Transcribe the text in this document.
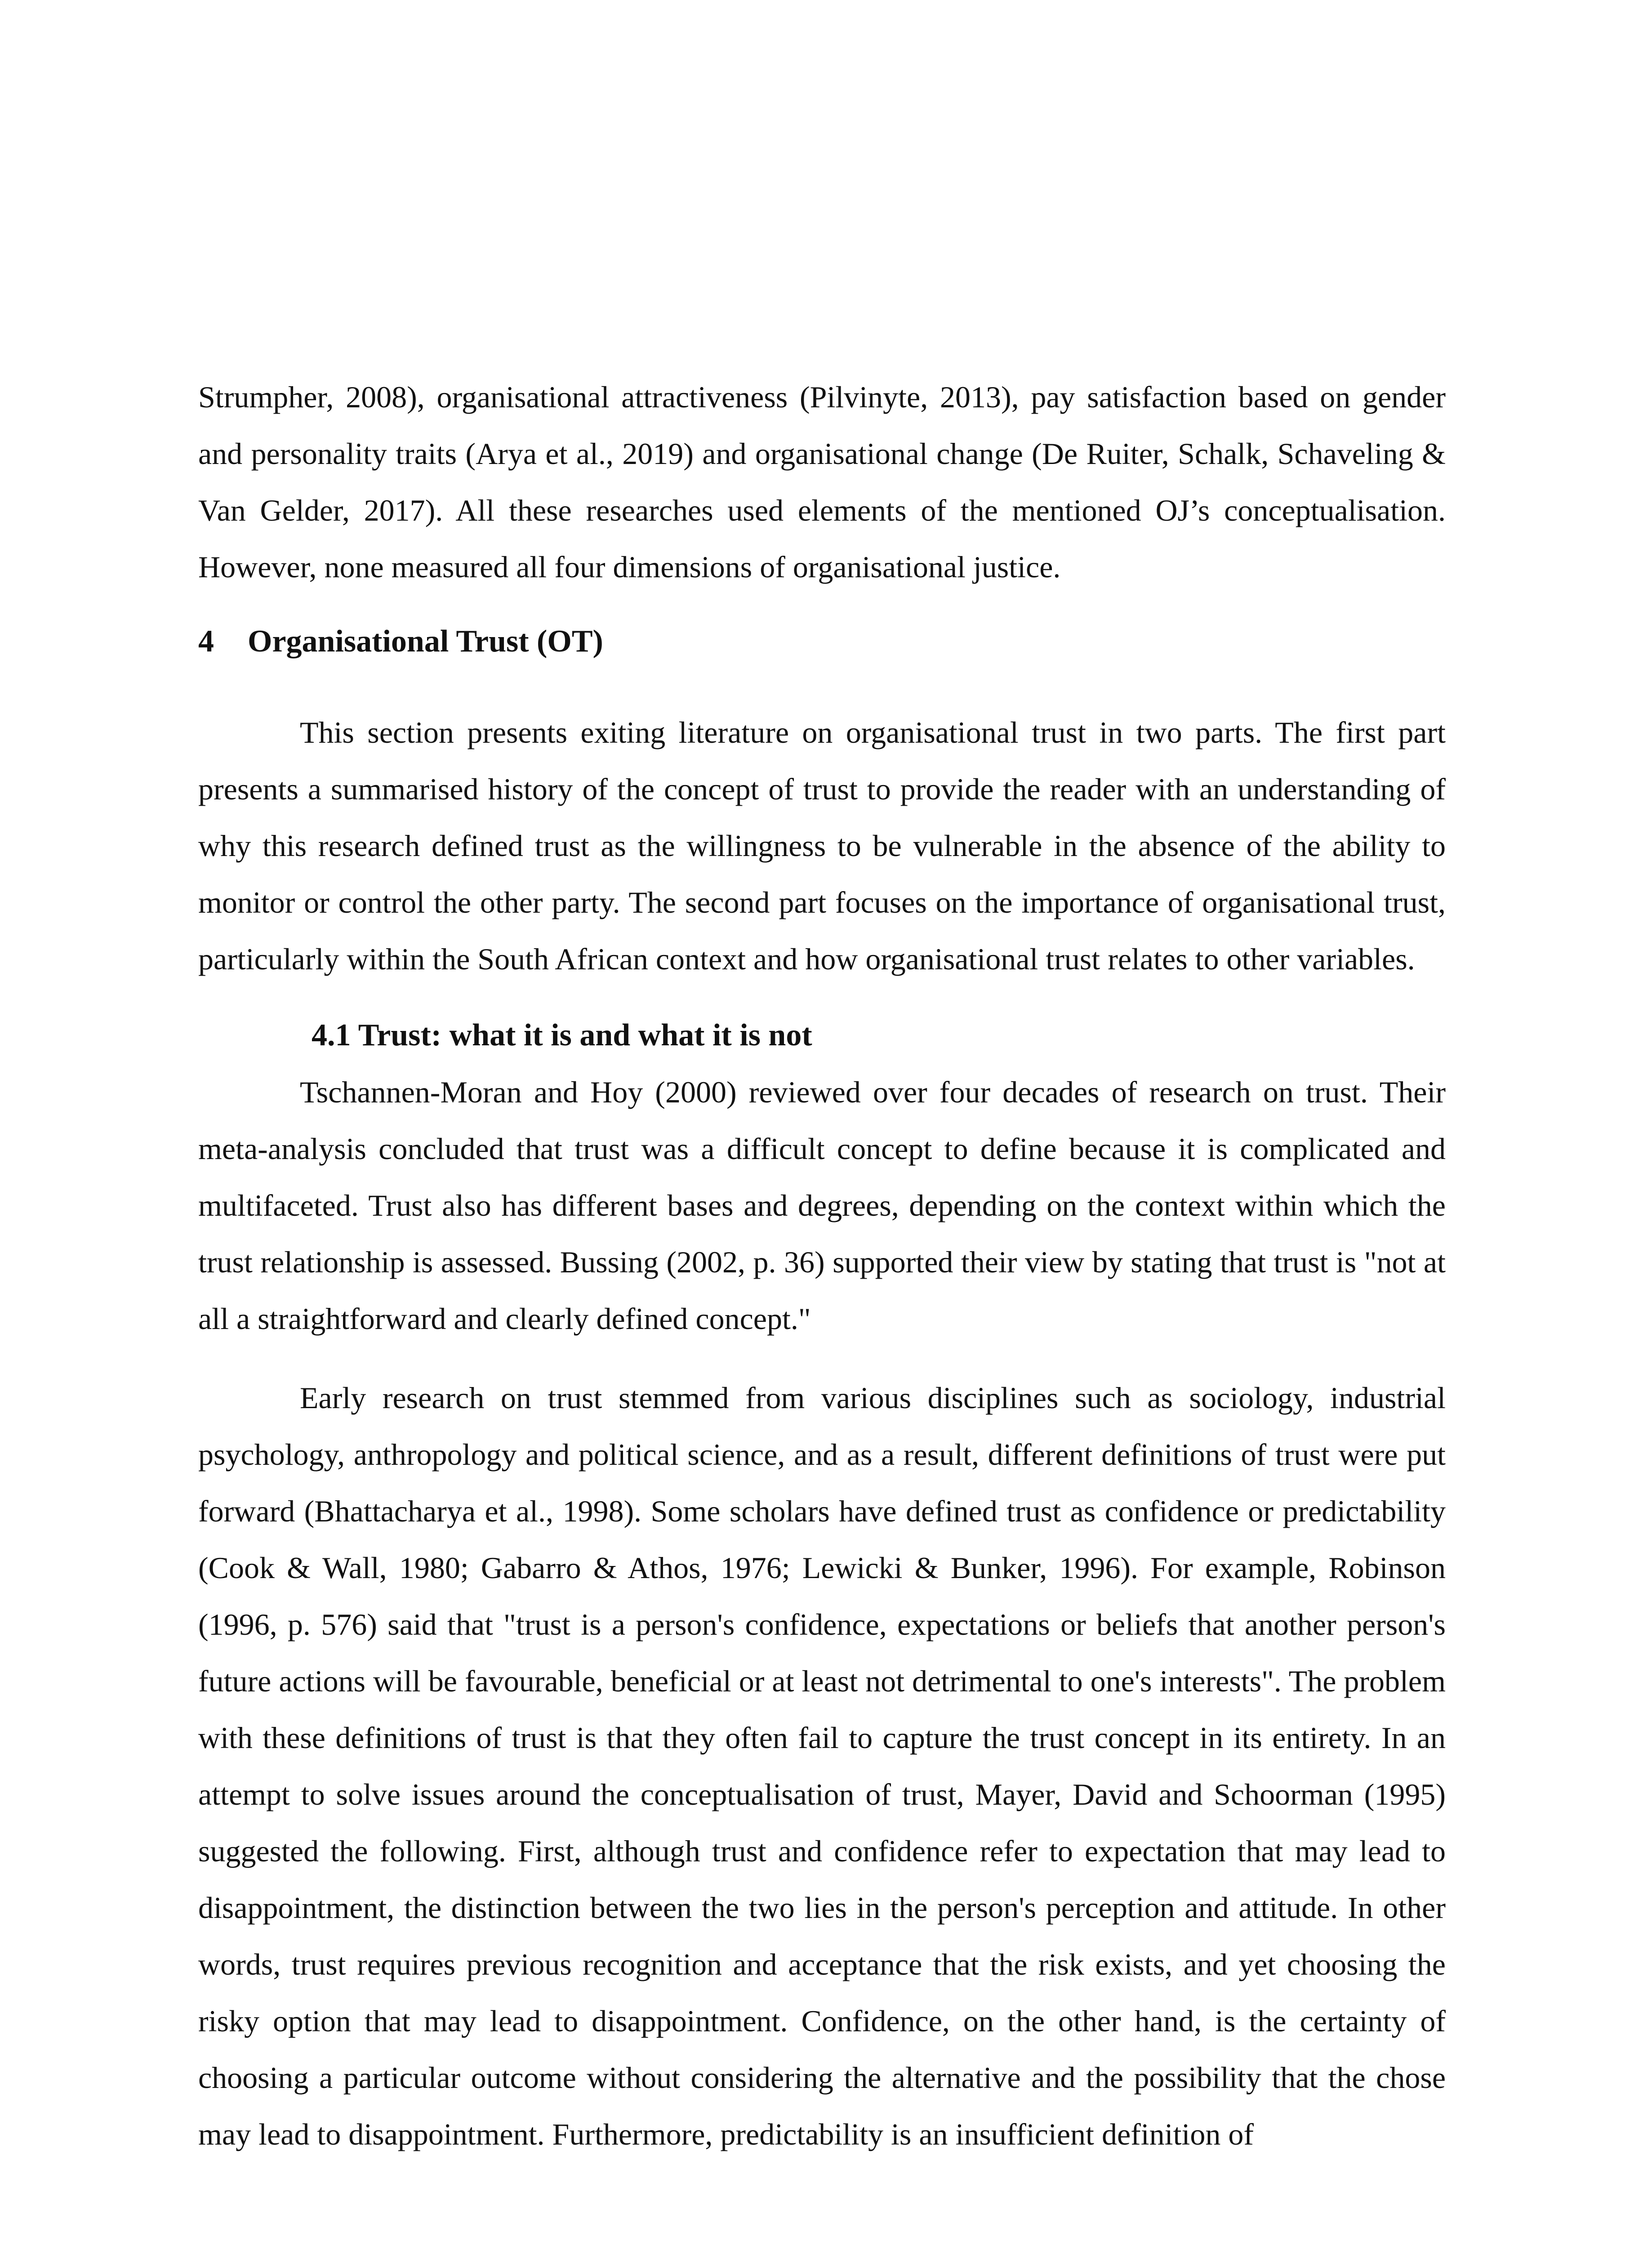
Strumpher, 2008), organisational attractiveness (Pilvinyte, 2013), pay satisfaction based on gender and personality traits (Arya et al., 2019) and organisational change (De Ruiter, Schalk, Schaveling & Van Gelder, 2017). All these researches used elements of the mentioned OJ’s conceptualisation. However, none measured all four dimensions of organisational justice.

4 Organisational Trust (OT)

This section presents exiting literature on organisational trust in two parts. The first part presents a summarised history of the concept of trust to provide the reader with an understanding of why this research defined trust as the willingness to be vulnerable in the absence of the ability to monitor or control the other party. The second part focuses on the importance of organisational trust, particularly within the South African context and how organisational trust relates to other variables.

4.1 Trust: what it is and what it is not

Tschannen-Moran and Hoy (2000) reviewed over four decades of research on trust. Their meta-analysis concluded that trust was a difficult concept to define because it is complicated and multifaceted. Trust also has different bases and degrees, depending on the context within which the trust relationship is assessed. Bussing (2002, p. 36) supported their view by stating that trust is "not at all a straightforward and clearly defined concept."

Early research on trust stemmed from various disciplines such as sociology, industrial psychology, anthropology and political science, and as a result, different definitions of trust were put forward (Bhattacharya et al., 1998). Some scholars have defined trust as confidence or predictability (Cook & Wall, 1980; Gabarro & Athos, 1976; Lewicki & Bunker, 1996). For example, Robinson (1996, p. 576) said that "trust is a person's confidence, expectations or beliefs that another person's future actions will be favourable, beneficial or at least not detrimental to one's interests". The problem with these definitions of trust is that they often fail to capture the trust concept in its entirety. In an attempt to solve issues around the conceptualisation of trust, Mayer, David and Schoorman (1995) suggested the following. First, although trust and confidence refer to expectation that may lead to disappointment, the distinction between the two lies in the person's perception and attitude. In other words, trust requires previous recognition and acceptance that the risk exists, and yet choosing the risky option that may lead to disappointment. Confidence, on the other hand, is the certainty of choosing a particular outcome without considering the alternative and the possibility that the chose may lead to disappointment. Furthermore, predictability is an insufficient definition of
